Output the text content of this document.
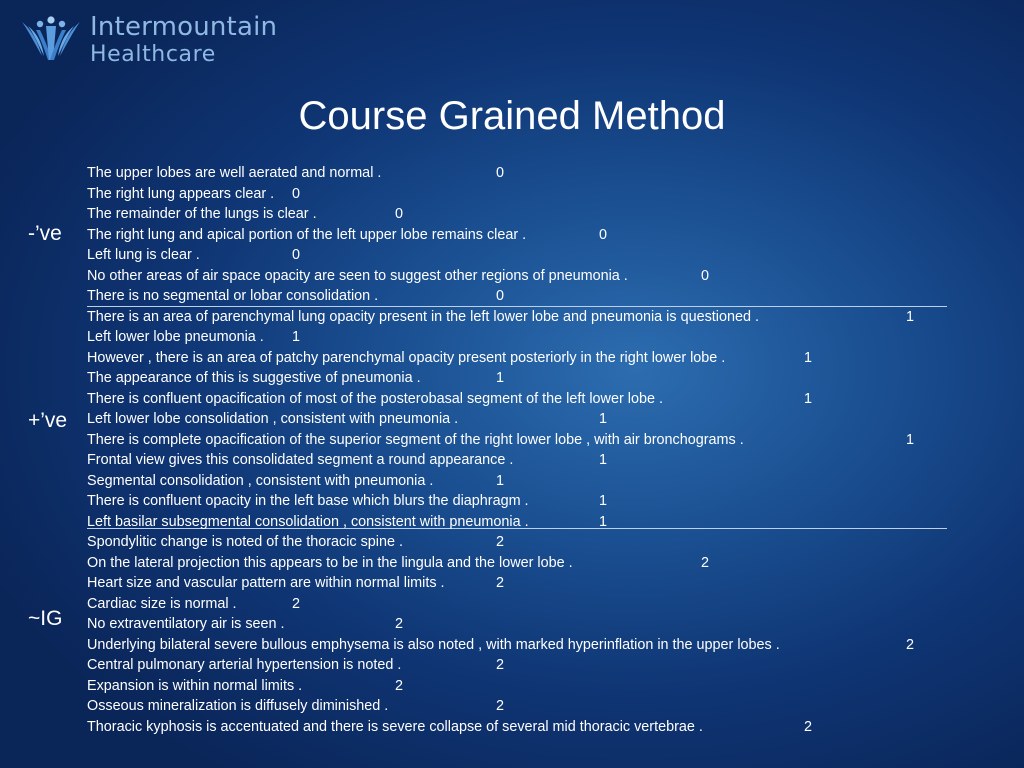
Intermountain
Healthcare
Course Grained Method
-’ve
+’ve
~IG
The upper lobes are well aerated and normal .	0
The right lung appears clear . 0
The remainder of the lungs is clear .	0
The right lung and apical portion of the left upper lobe remains clear .	0
Left lung is clear .	0
No other areas of air space opacity are seen to suggest other regions of pneumonia .	0
There is no segmental or lobar consolidation .	0
There is an area of parenchymal lung opacity present in the left lower lobe and pneumonia is questioned .	1
Left lower lobe pneumonia . 1
However , there is an area of patchy parenchymal opacity present posteriorly in the right lower lobe .	1
The appearance of this is suggestive of pneumonia .	1
There is confluent opacification of most of the posterobasal segment of the left lower lobe .	1
Left lower lobe consolidation , consistent with pneumonia .	1
There is complete opacification of the superior segment of the right lower lobe , with air bronchograms .	1
Frontal view gives this consolidated segment a round appearance .	1
Segmental consolidation , consistent with pneumonia .	1
There is confluent opacity in the left base which blurs the diaphragm .	1
Left basilar subsegmental consolidation , consistent with pneumonia .	1
Spondylitic change is noted of the thoracic spine .	2
On the lateral projection this appears to be in the lingula and the lower lobe .	2
Heart size and vascular pattern are within normal limits .	2
Cardiac size is normal .	2
No extraventilatory air is seen .	2
Underlying bilateral severe bullous emphysema is also noted , with marked hyperinflation in the upper lobes .	2
Central pulmonary arterial hypertension is noted .	2
Expansion is within normal limits .	2
Osseous mineralization is diffusely diminished .	2
Thoracic kyphosis is accentuated and there is severe collapse of several mid thoracic vertebrae .	2
